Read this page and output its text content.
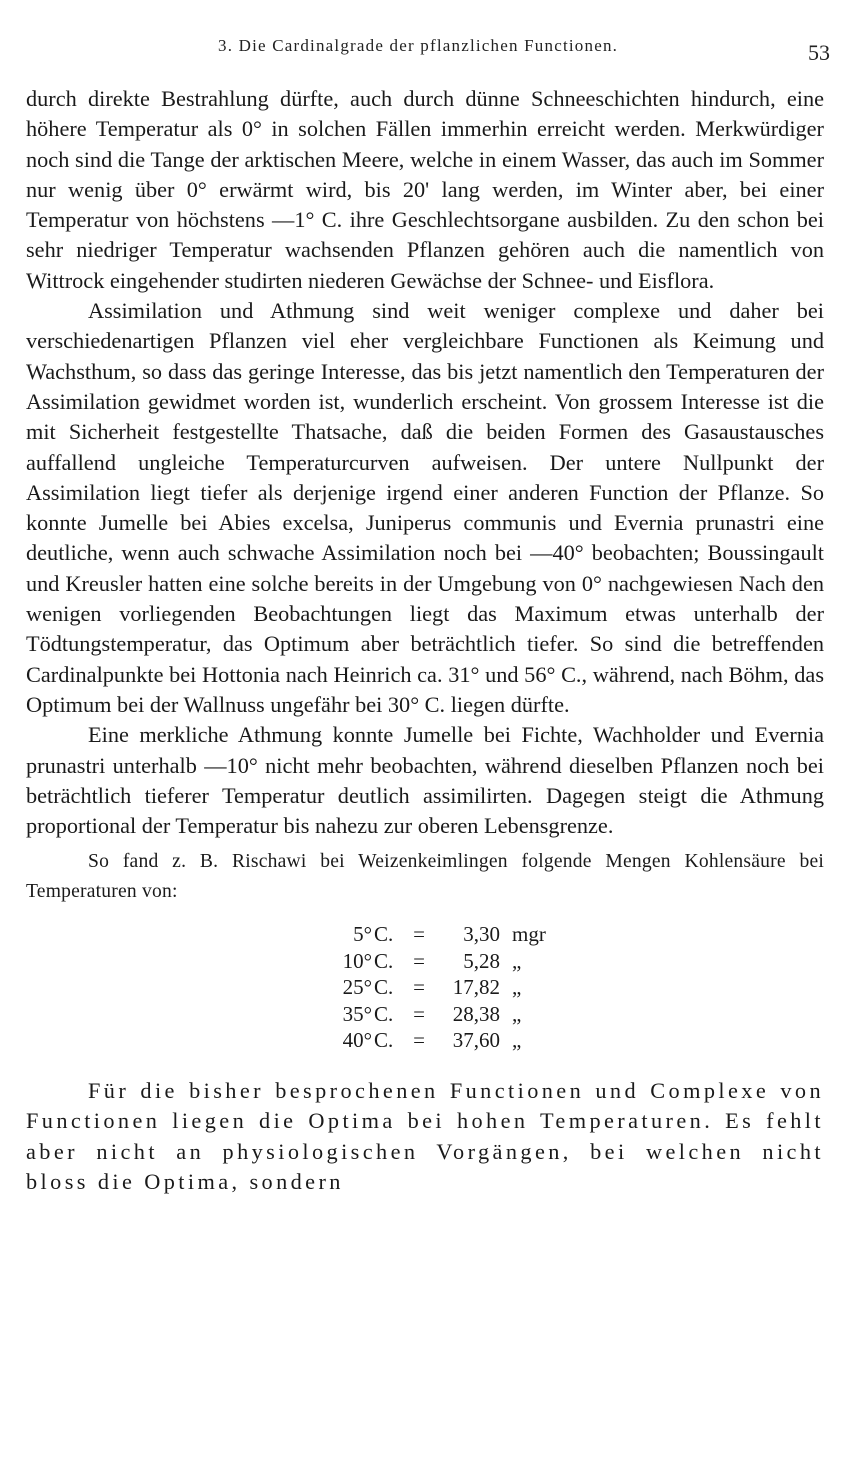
3. Die Cardinalgrade der pflanzlichen Functionen.	53

durch direkte Bestrahlung dürfte, auch durch dünne Schneeschichten hindurch, eine höhere Temperatur als 0° in solchen Fällen immerhin erreicht werden. Merkwürdiger noch sind die Tange der arktischen Meere, welche in einem Wasser, das auch im Sommer nur wenig über 0° erwärmt wird, bis 20' lang werden, im Winter aber, bei einer Temperatur von höchstens —1° C. ihre Geschlechtsorgane ausbilden. Zu den schon bei sehr niedriger Temperatur wachsenden Pflanzen gehören auch die namentlich von Wittrock eingehender studirten niederen Gewächse der Schnee- und Eisflora.

Assimilation und Athmung sind weit weniger complexe und daher bei verschiedenartigen Pflanzen viel eher vergleichbare Functionen als Keimung und Wachsthum, so dass das geringe Interesse, das bis jetzt namentlich den Temperaturen der Assimilation gewidmet worden ist, wunderlich erscheint. Von grossem Interesse ist die mit Sicherheit festgestellte Thatsache, daß die beiden Formen des Gasaustausches auffallend ungleiche Temperaturcurven aufweisen. Der untere Nullpunkt der Assimilation liegt tiefer als derjenige irgend einer anderen Function der Pflanze. So konnte Jumelle bei Abies excelsa, Juniperus communis und Evernia prunastri eine deutliche, wenn auch schwache Assimilation noch bei —40° beobachten; Boussingault und Kreusler hatten eine solche bereits in der Umgebung von 0° nachgewiesen Nach den wenigen vorliegenden Beobachtungen liegt das Maximum etwas unterhalb der Tödtungstemperatur, das Optimum aber beträchtlich tiefer. So sind die betreffenden Cardinalpunkte bei Hottonia nach Heinrich ca. 31° und 56° C., während, nach Böhm, das Optimum bei der Wallnuss ungefähr bei 30° C. liegen dürfte.

Eine merkliche Athmung konnte Jumelle bei Fichte, Wachholder und Evernia prunastri unterhalb —10° nicht mehr beobachten, während dieselben Pflanzen noch bei beträchtlich tieferer Temperatur deutlich assimilirten. Dagegen steigt die Athmung proportional der Temperatur bis nahezu zur oberen Lebensgrenze.

So fand z. B. Rischawi bei Weizenkeimlingen folgende Mengen Kohlensäure bei Temperaturen von:

5° C. =	3,30 mgr
10° C. =	5,28 „
25° C. =	17,82 „
35° C. =	28,38 „
40° C. =	37,60 „

Für die bisher besprochenen Functionen und Complexe von Functionen liegen die Optima bei hohen Temperaturen. Es fehlt aber nicht an physiologischen Vorgängen, bei welchen nicht bloss die Optima, sondern
